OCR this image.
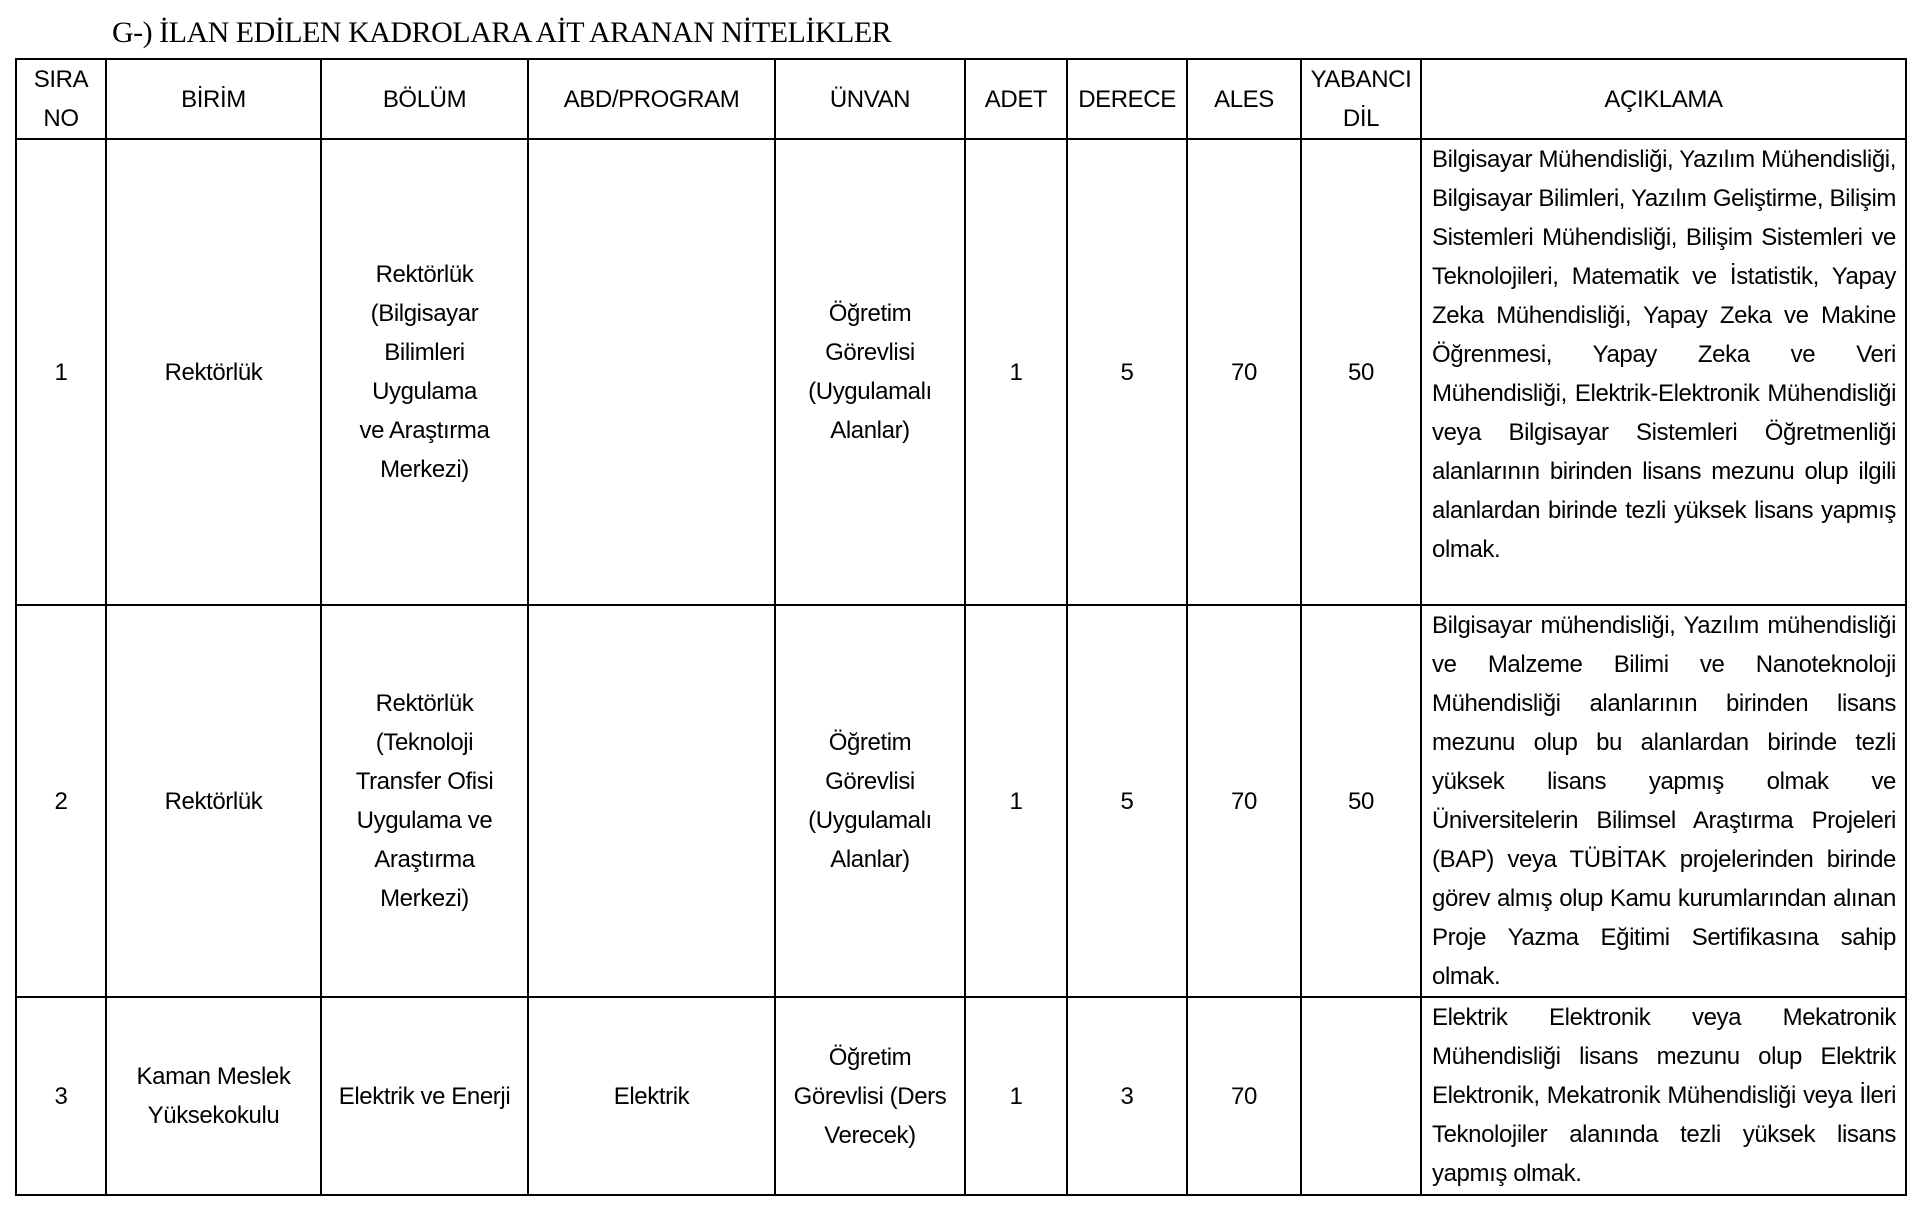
G-) İLAN EDİLEN KADROLARA AİT ARANAN NİTELİKLER
SIRA NO	BİRİM	BÖLÜM	ABD/PROGRAM	ÜNVAN	ADET	DERECE	ALES	YABANCI DİL	AÇIKLAMA
1	Rektörlük	Rektörlük (Bilgisayar Bilimleri Uygulama ve Araştırma Merkezi)		Öğretim Görevlisi (Uygulamalı Alanlar)	1	5	70	50	Bilgisayar Mühendisliği, Yazılım Mühendisliği, Bilgisayar Bilimleri, Yazılım Geliştirme, Bilişim Sistemleri Mühendisliği, Bilişim Sistemleri ve Teknolojileri, Matematik ve İstatistik, Yapay Zeka Mühendisliği, Yapay Zeka ve Makine Öğrenmesi, Yapay Zeka ve Veri Mühendisliği, Elektrik-Elektronik Mühendisliği veya Bilgisayar Sistemleri Öğretmenliği alanlarının birinden lisans mezunu olup ilgili alanlardan birinde tezli yüksek lisans yapmış olmak.
2	Rektörlük	Rektörlük (Teknoloji Transfer Ofisi Uygulama ve Araştırma Merkezi)		Öğretim Görevlisi (Uygulamalı Alanlar)	1	5	70	50	Bilgisayar mühendisliği, Yazılım mühendisliği ve Malzeme Bilimi ve Nanoteknoloji Mühendisliği alanlarının birinden lisans mezunu olup bu alanlardan birinde tezli yüksek lisans yapmış olmak ve Üniversitelerin Bilimsel Araştırma Projeleri (BAP) veya TÜBİTAK projelerinden birinde görev almış olup Kamu kurumlarından alınan Proje Yazma Eğitimi Sertifikasına sahip olmak.
3	Kaman Meslek Yüksekokulu	Elektrik ve Enerji	Elektrik	Öğretim Görevlisi (Ders Verecek)	1	3	70		Elektrik Elektronik veya Mekatronik Mühendisliği lisans mezunu olup Elektrik Elektronik, Mekatronik Mühendisliği veya İleri Teknolojiler alanında tezli yüksek lisans yapmış olmak.
